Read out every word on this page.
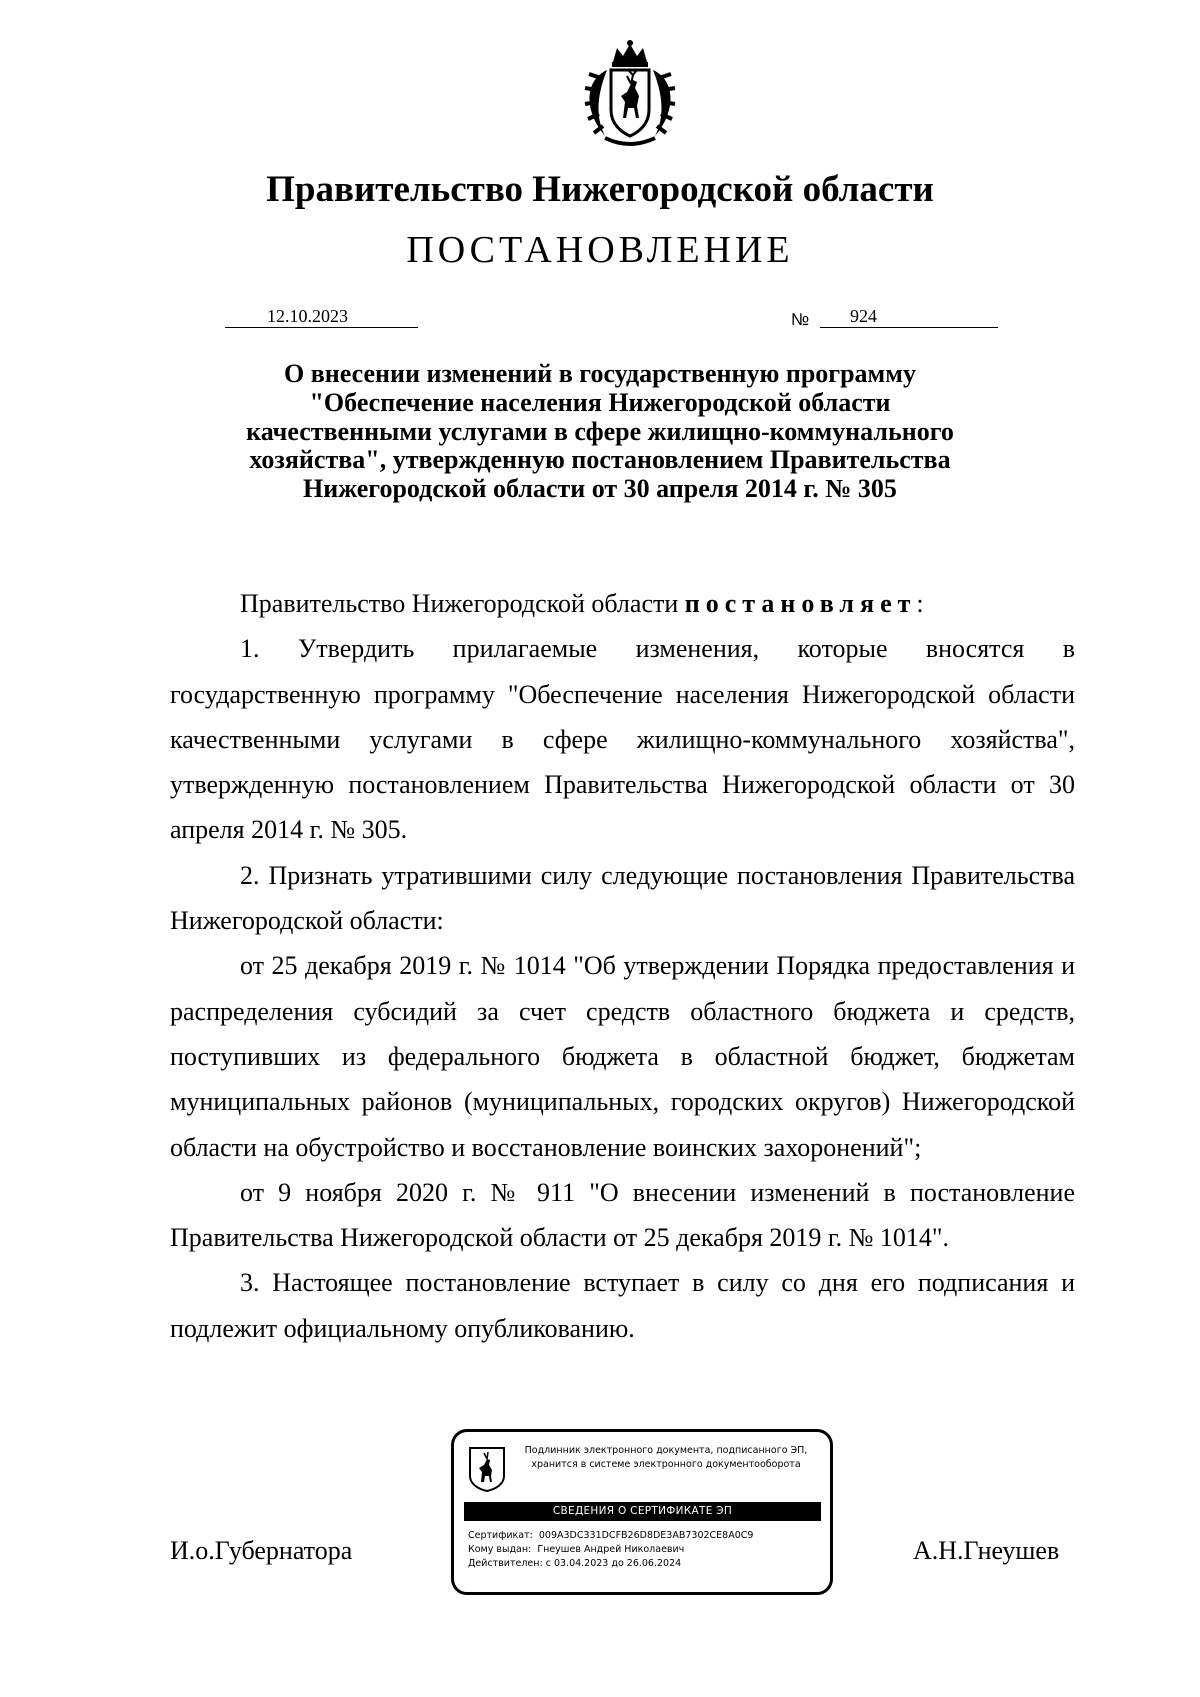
Правительство Нижегородской области
ПОСТАНОВЛЕНИЕ
12.10.2023	№	924
О внесении изменений в государственную программу
"Обеспечение населения Нижегородской области
качественными услугами в сфере жилищно-коммунального
хозяйства", утвержденную постановлением Правительства
Нижегородской области от 30 апреля 2014 г. № 305

Правительство Нижегородской области постановляет:

1. Утвердить прилагаемые изменения, которые вносятся в государственную программу "Обеспечение населения Нижегородской области качественными услугами в сфере жилищно-коммунального хозяйства", утвержденную постановлением Правительства Нижегородской области от 30 апреля 2014 г. № 305.

2. Признать утратившими силу следующие постановления Правительства Нижегородской области:

от 25 декабря 2019 г. № 1014 "Об утверждении Порядка предоставления и распределения субсидий за счет средств областного бюджета и средств, поступивших из федерального бюджета в областной бюджет, бюджетам муниципальных районов (муниципальных, городских округов) Нижегородской области на обустройство и восстановление воинских захоронений";

от 9 ноября 2020 г. № 911 "О внесении изменений в постановление Правительства Нижегородской области от 25 декабря 2019 г. № 1014".

3. Настоящее постановление вступает в силу со дня его подписания и подлежит официальному опубликованию.

И.о.Губернатора	А.Н.Гнеушев
Подлинник электронного документа, подписанного ЭП,
хранится в системе электронного документооборота
СВЕДЕНИЯ О СЕРТИФИКАТЕ ЭП
Сертификат: 009A3DC331DCFB26D8DE3AB7302CE8A0C9
Кому выдан: Гнеушев Андрей Николаевич
Действителен: с 03.04.2023 до 26.06.2024
